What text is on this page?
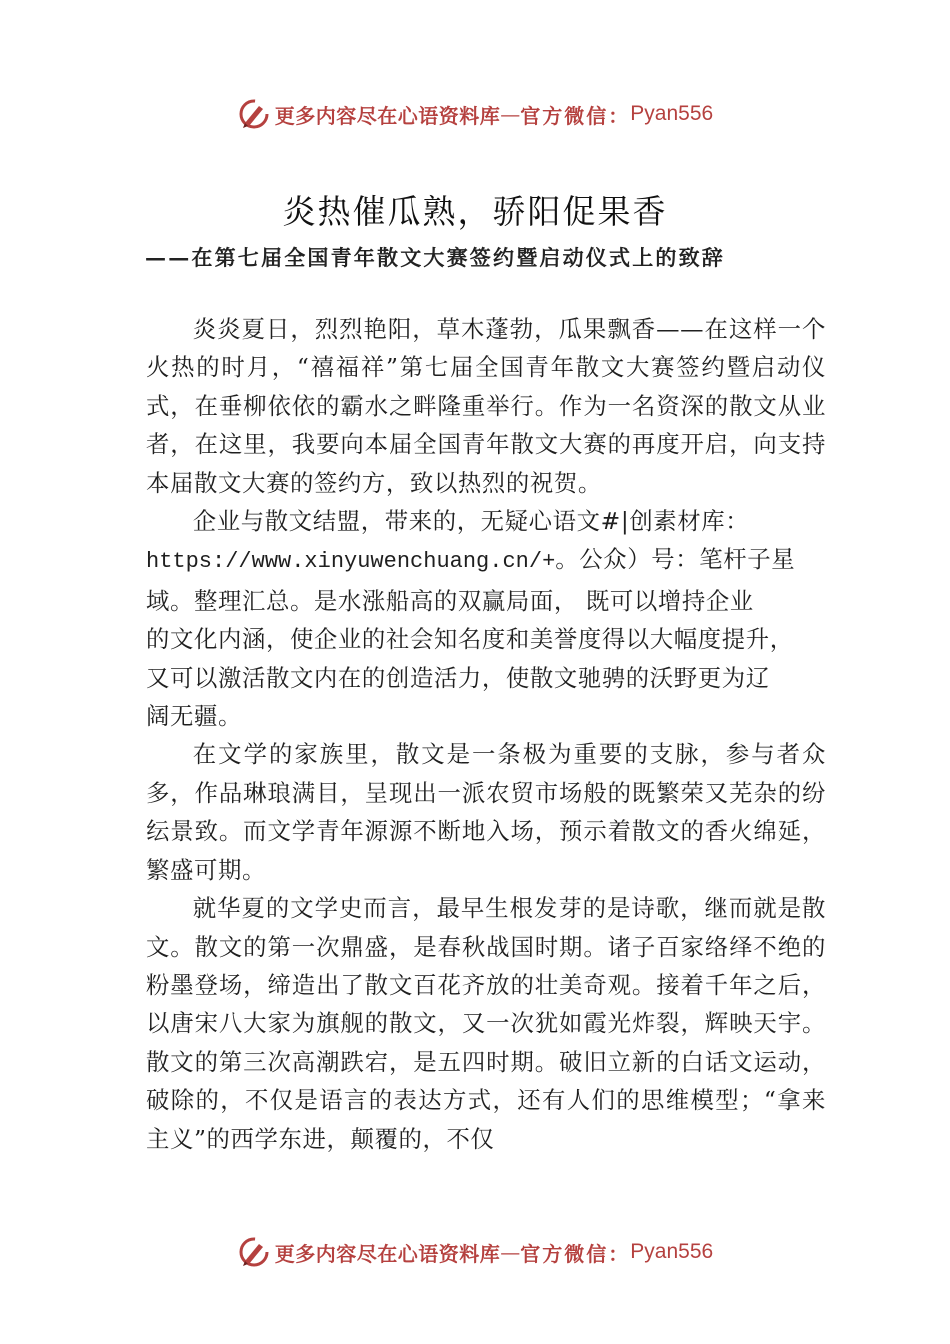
更多内容尽在心语资料库 — 官方微信： Pyan556
炎热催瓜熟，骄阳促果香
——在第七届全国青年散文大赛签约暨启动仪式上的致辞

炎炎夏日，烈烈艳阳，草木蓬勃，瓜果飘香——在这样一个火热的时月，“禧福祥”第七届全国青年散文大赛签约暨启动仪式，在垂柳依依的霸水之畔隆重举行。作为一名资深的散文从业者，在这里，我要向本届全国青年散文大赛的再度开启，向支持本届散文大赛的签约方，致以热烈的祝贺。

企业与散文结盟，带来的，无疑心语文#|创素材库：
https://www.xinyuwenchuang.cn/+。公众）号：笔杆子星
域。整理汇总。是水涨船高的双赢局面， 既可以增持企业
的文化内涵，使企业的社会知名度和美誉度得以大幅度提升，
又可以激活散文内在的创造活力，使散文驰骋的沃野更为辽
阔无疆。

在文学的家族里，散文是一条极为重要的支脉，参与者众多，作品琳琅满目，呈现出一派农贸市场般的既繁荣又芜杂的纷纭景致。而文学青年源源不断地入场，预示着散文的香火绵延，繁盛可期。

就华夏的文学史而言，最早生根发芽的是诗歌，继而就是散文。散文的第一次鼎盛，是春秋战国时期。诸子百家络绎不绝的粉墨登场，缔造出了散文百花齐放的壮美奇观。接着千年之后，以唐宋八大家为旗舰的散文，又一次犹如霞光炸裂，辉映天宇。散文的第三次高潮跌宕，是五四时期。破旧立新的白话文运动，破除的，不仅是语言的表达方式，还有人们的思维模型；“拿来主义”的西学东进，颠覆的，不仅

更多内容尽在心语资料库 — 官方微信： Pyan556
